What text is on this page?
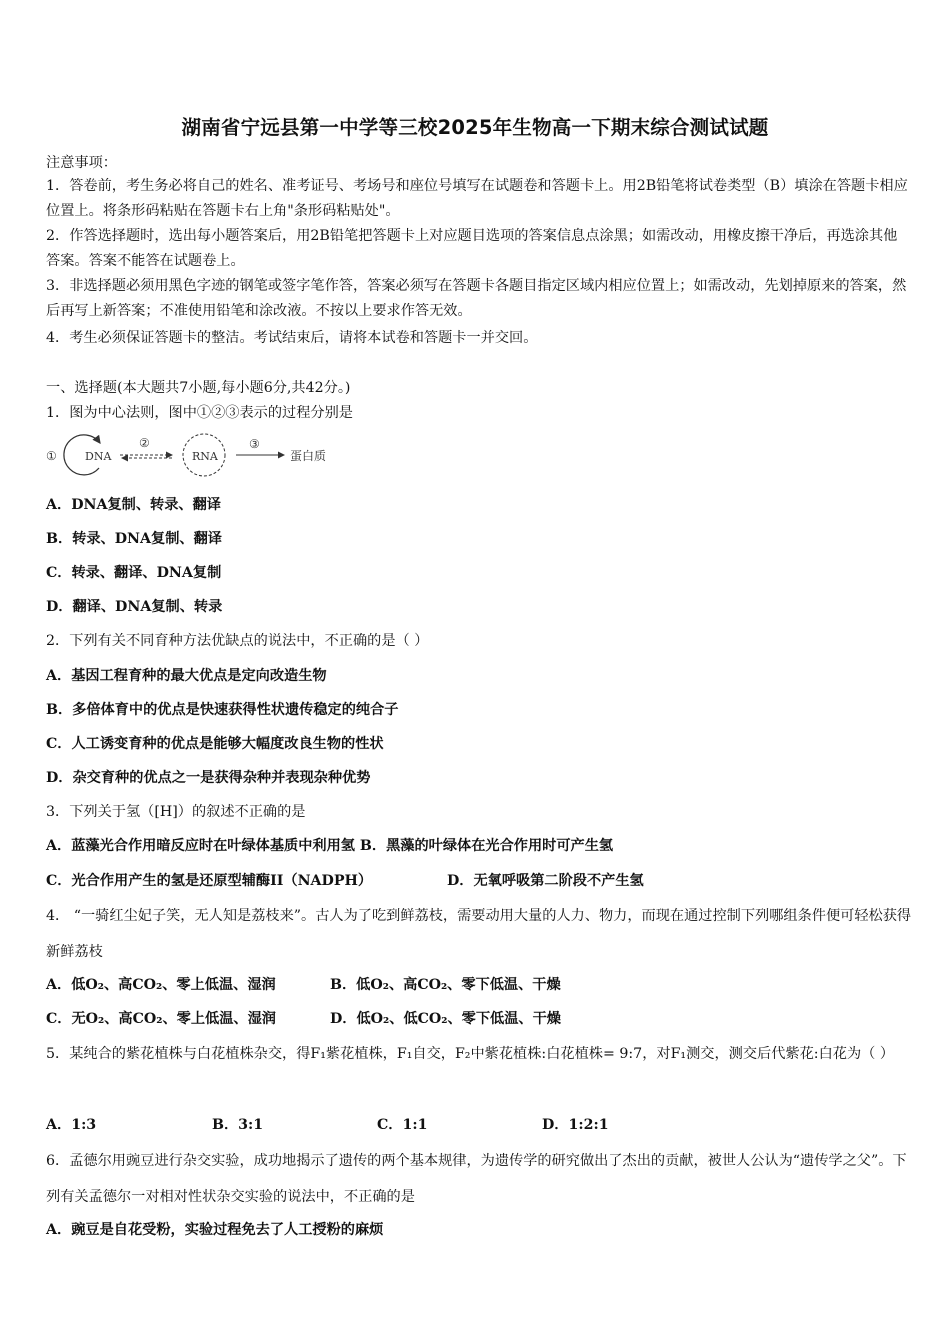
湖南省宁远县第一中学等三校2025年生物高一下期末综合测试试题
注意事项：
1．答卷前，考生务必将自己的姓名、准考证号、考场号和座位号填写在试题卷和答题卡上。用2B铅笔将试卷类型（B）填涂在答题卡相应位置上。将条形码粘贴在答题卡右上角"条形码粘贴处"。
2．作答选择题时，选出每小题答案后，用2B铅笔把答题卡上对应题目选项的答案信息点涂黑；如需改动，用橡皮擦干净后，再选涂其他答案。答案不能答在试题卷上。
3．非选择题必须用黑色字迹的钢笔或签字笔作答，答案必须写在答题卡各题目指定区域内相应位置上；如需改动，先划掉原来的答案，然后再写上新答案；不准使用铅笔和涂改液。不按以上要求作答无效。
4．考生必须保证答题卡的整洁。考试结束后，请将本试卷和答题卡一并交回。
一、选择题(本大题共7小题,每小题6分,共42分。)
1．图为中心法则，图中①②③表示的过程分别是
①	DNA
②
RNA
③
蛋白质
A．DNA复制、转录、翻译
B．转录、DNA复制、翻译
C．转录、翻译、DNA复制
D．翻译、DNA复制、转录
2．下列有关不同育种方法优缺点的说法中，不正确的是（ ）
A．基因工程育种的最大优点是定向改造生物
B．多倍体育中的优点是快速获得性状遗传稳定的纯合子
C．人工诱变育种的优点是能够大幅度改良生物的性状
D．杂交育种的优点之一是获得杂种并表现杂种优势
3．下列关于氢（[H]）的叙述不正确的是
A．蓝藻光合作用暗反应时在叶绿体基质中利用氢 B．黑藻的叶绿体在光合作用时可产生氢
C．光合作用产生的氢是还原型辅酶II（NADPH）	D．无氧呼吸第二阶段不产生氢
4． “一骑红尘妃子笑，无人知是荔枝来”。古人为了吃到鲜荔枝，需要动用大量的人力、物力，而现在通过控制下列哪组条件便可轻松获得新鲜荔枝
A．低O₂、高CO₂、零上低温、湿润	B．低O₂、高CO₂、零下低温、干燥
C．无O₂、高CO₂、零上低温、湿润	D．低O₂、低CO₂、零下低温、干燥
5．某纯合的紫花植株与白花植株杂交，得F₁紫花植株，F₁自交，F₂中紫花植株:白花植株= 9:7，对F₁测交，测交后代紫花:白花为（ ）
A．1:3	B．3:1	C．1:1	D．1:2:1
6．孟德尔用豌豆进行杂交实验，成功地揭示了遗传的两个基本规律，为遗传学的研究做出了杰出的贡献，被世人公认为“遗传学之父”。下列有关孟德尔一对相对性状杂交实验的说法中，不正确的是
A．豌豆是自花受粉，实验过程免去了人工授粉的麻烦
